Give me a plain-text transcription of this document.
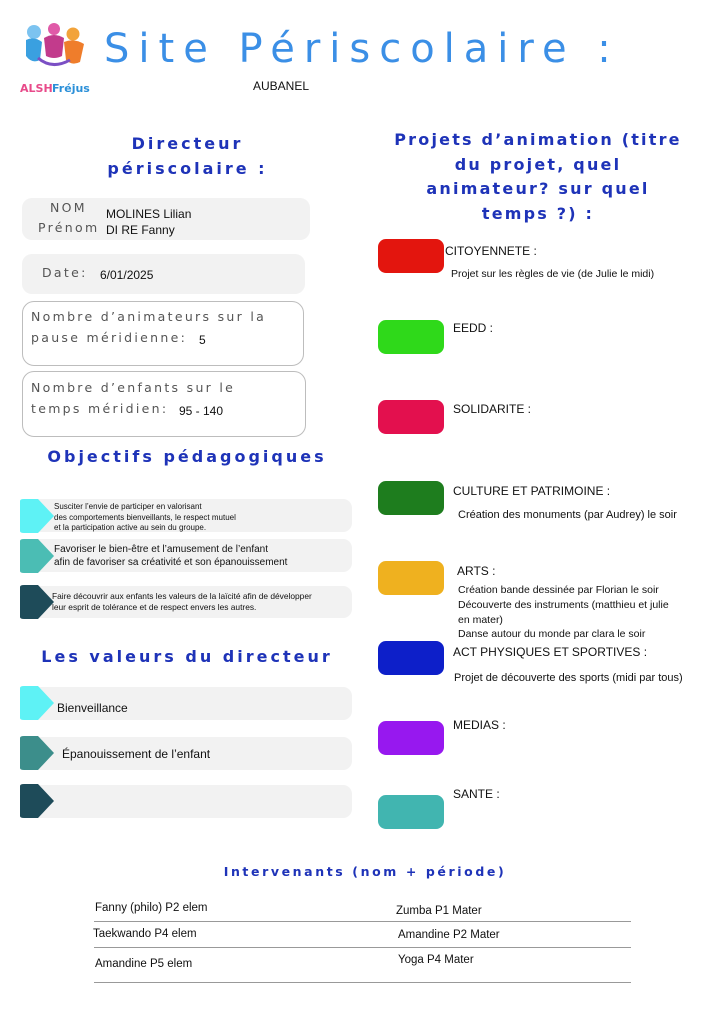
ALSH Fréjus
Site Périscolaire :
AUBANEL
Directeur
périscolaire :
NOM
Prénom
MOLINES Lilian
DI RE Fanny
Date: 6/01/2025
Nombre d’animateurs sur la
pause méridienne: 5
Nombre d’enfants sur le
temps méridien: 95 - 140
Objectifs pédagogiques
Susciter l’envie de participer en valorisant
des comportements bienveillants, le respect mutuel
et la participation active au sein du groupe.
Favoriser le bien-être et l’amusement de l’enfant
afin de favoriser sa créativité et son épanouissement
Faire découvrir aux enfants les valeurs de la laïcité afin de développer
leur esprit de tolérance et de respect envers les autres.
Les valeurs du directeur
Bienveillance
Épanouissement de l’enfant
Projets d’animation (titre
du projet, quel
animateur? sur quel
temps ?) :
CITOYENNETE :
Projet sur les règles de vie (de Julie le midi)
EEDD :
SOLIDARITE :
CULTURE ET PATRIMOINE :
Création des monuments (par Audrey) le soir
ARTS :
Création bande dessinée par Florian le soir
Découverte des instruments (matthieu et julie
en mater)
Danse autour du monde par clara le soir
ACT PHYSIQUES ET SPORTIVES :
Projet de découverte des sports (midi par tous)
MEDIAS :
SANTE :
Intervenants (nom + période)
Fanny (philo) P2 elem
Taekwando P4 elem
Amandine P5 elem
Zumba P1 Mater
Amandine P2 Mater
Yoga P4 Mater
